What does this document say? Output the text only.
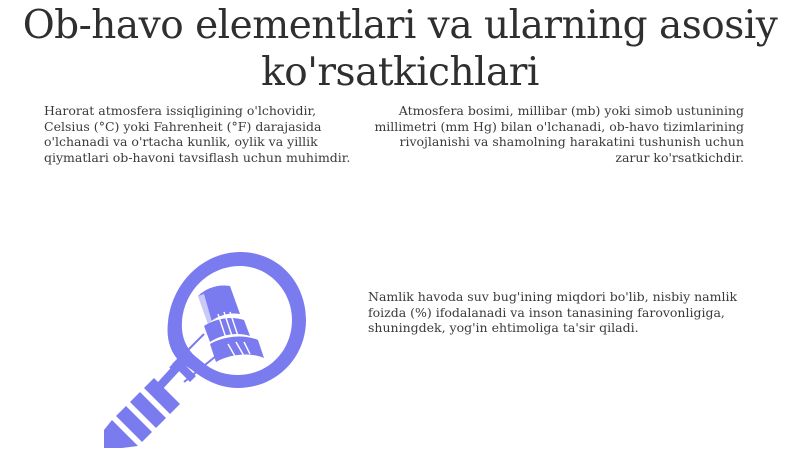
Ob-havo elementlari va ularning asosiy ko'rsatkichlari

Harorat atmosfera issiqligining o'lchovidir, Celsius (°C) yoki Fahrenheit (°F) darajasida o'lchanadi va o'rtacha kunlik, oylik va yillik qiymatlari ob-havoni tavsiflash uchun muhimdir.

Atmosfera bosimi, millibar (mb) yoki simob ustunining millimetri (mm Hg) bilan o'lchanadi, ob-havo tizimlarining rivojlanishi va shamolning harakatini tushunish uchun zarur ko'rsatkichdir.

Namlik havoda suv bug'ining miqdori bo'lib, nisbiy namlik foizda (%) ifodalanadi va inson tanasining farovonligiga, shuningdek, yog'in ehtimoliga ta'sir qiladi.
